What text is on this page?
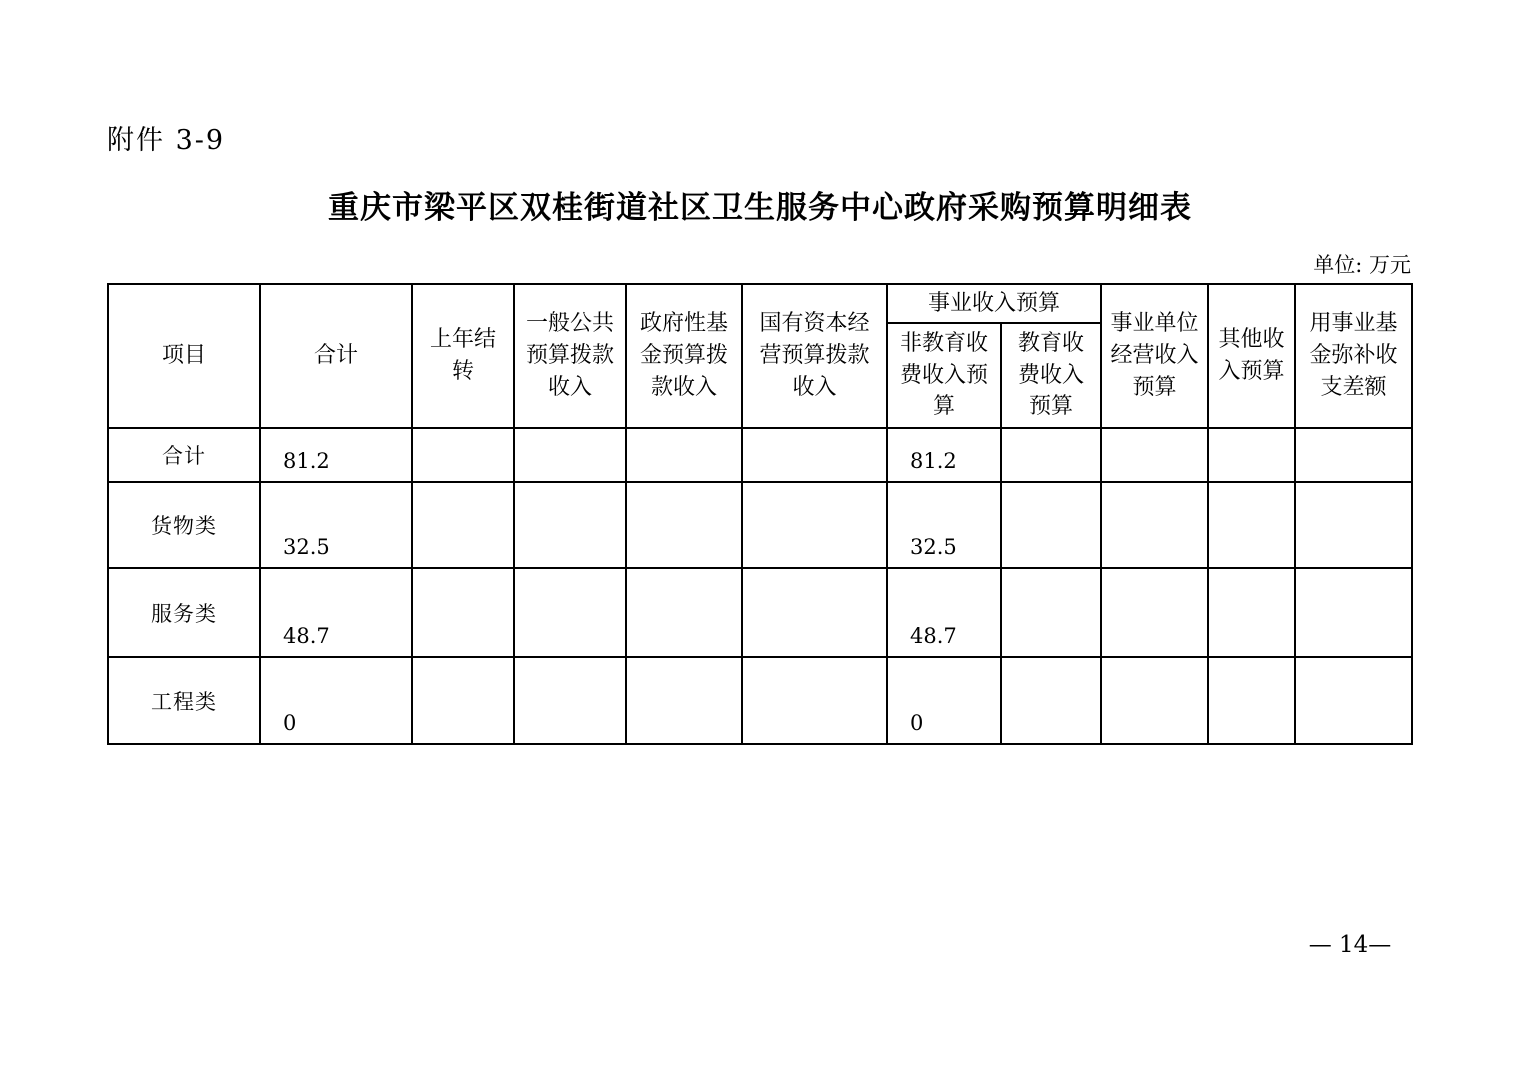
附件 3-9
重庆市梁平区双桂街道社区卫生服务中心政府采购预算明细表
单位: 万元
项目	合计	上年结转	一般公共预算拨款收入	政府性基金预算拨款收入	国有资本经营预算拨款收入	事业收入预算		事业单位经营收入预算	其他收入预算	用事业基金弥补收支差额
						非教育收费收入预算	教育收费收入预算			
合计	81.2					81.2				
货物类	32.5					32.5				
服务类	48.7					48.7				
工程类	0					0				
— 14—
